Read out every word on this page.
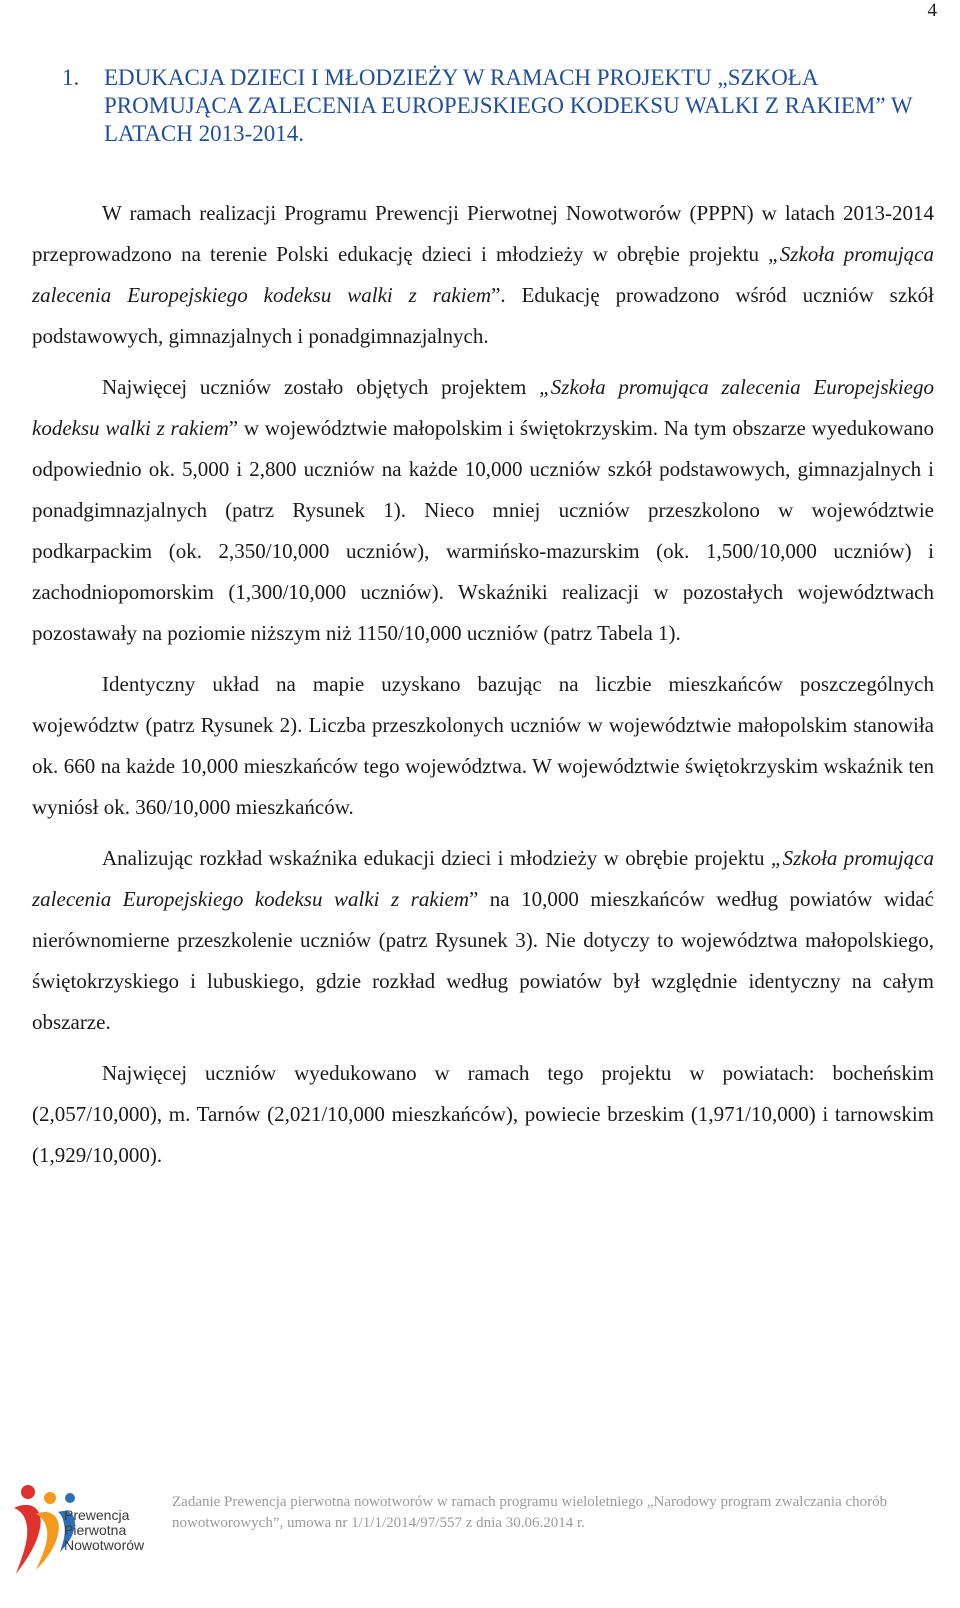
4
1.	EDUKACJA DZIECI I MŁODZIEŻY W RAMACH PROJEKTU „SZKOŁA PROMUJĄCA ZALECENIA EUROPEJSKIEGO KODEKSU WALKI Z RAKIEM” W LATACH 2013-2014.

W ramach realizacji Programu Prewencji Pierwotnej Nowotworów (PPPN) w latach 2013-2014 przeprowadzono na terenie Polski edukację dzieci i młodzieży w obrębie projektu „Szkoła promująca zalecenia Europejskiego kodeksu walki z rakiem”. Edukację prowadzono wśród uczniów szkół podstawowych, gimnazjalnych i ponadgimnazjalnych.

Najwięcej uczniów zostało objętych projektem „Szkoła promująca zalecenia Europejskiego kodeksu walki z rakiem” w województwie małopolskim i świętokrzyskim. Na tym obszarze wyedukowano odpowiednio ok. 5,000 i 2,800 uczniów na każde 10,000 uczniów szkół podstawowych, gimnazjalnych i ponadgimnazjalnych (patrz Rysunek 1). Nieco mniej uczniów przeszkolono w województwie podkarpackim (ok. 2,350/10,000 uczniów), warmińsko-mazurskim (ok. 1,500/10,000 uczniów) i zachodniopomorskim (1,300/10,000 uczniów). Wskaźniki realizacji w pozostałych województwach pozostawały na poziomie niższym niż 1150/10,000 uczniów (patrz Tabela 1).

Identyczny układ na mapie uzyskano bazując na liczbie mieszkańców poszczególnych województw (patrz Rysunek 2). Liczba przeszkolonych uczniów w województwie małopolskim stanowiła ok. 660 na każde 10,000 mieszkańców tego województwa. W województwie świętokrzyskim wskaźnik ten wyniósł ok. 360/10,000 mieszkańców.

Analizując rozkład wskaźnika edukacji dzieci i młodzieży w obrębie projektu „Szkoła promująca zalecenia Europejskiego kodeksu walki z rakiem” na 10,000 mieszkańców według powiatów widać nierównomierne przeszkolenie uczniów (patrz Rysunek 3). Nie dotyczy to województwa małopolskiego, świętokrzyskiego i lubuskiego, gdzie rozkład według powiatów był względnie identyczny na całym obszarze.

Najwięcej uczniów wyedukowano w ramach tego projektu w powiatach: bocheńskim (2,057/10,000), m. Tarnów (2,021/10,000 mieszkańców), powiecie brzeskim (1,971/10,000) i tarnowskim (1,929/10,000).

Prewencja
Pierwotna
Nowotworów
Zadanie Prewencja pierwotna nowotworów w ramach programu wieloletniego „Narodowy program zwalczania chorób nowotworowych”, umowa nr 1/1/1/2014/97/557 z dnia 30.06.2014 r.
